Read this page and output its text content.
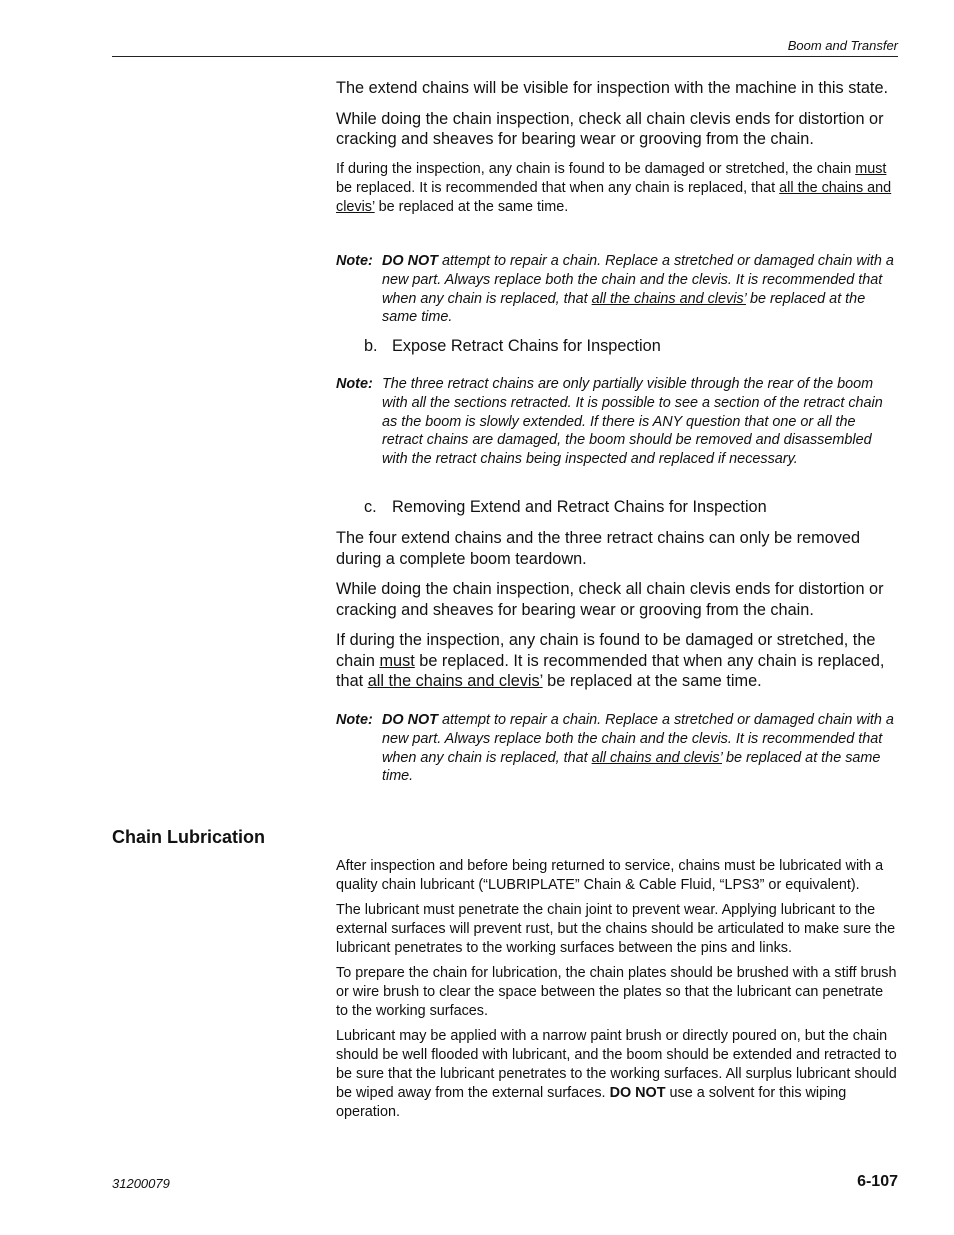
Boom and Transfer

The extend chains will be visible for inspection with the machine in this state.

While doing the chain inspection, check all chain clevis ends for distortion or cracking and sheaves for bearing wear or grooving from the chain.

If during the inspection, any chain is found to be damaged or stretched, the chain must be replaced. It is recommended that when any chain is replaced, that all the chains and clevis’ be replaced at the same time.

Note: DO NOT attempt to repair a chain. Replace a stretched or damaged chain with a new part. Always replace both the chain and the clevis. It is recommended that when any chain is replaced, that all the chains and clevis’ be replaced at the same time.
b. Expose Retract Chains for Inspection
Note: The three retract chains are only partially visible through the rear of the boom with all the sections retracted. It is possible to see a section of the retract chain as the boom is slowly extended. If there is ANY question that one or all the retract chains are damaged, the boom should be removed and disassembled with the retract chains being inspected and replaced if necessary.
c. Removing Extend and Retract Chains for Inspection

The four extend chains and the three retract chains can only be removed during a complete boom teardown.

While doing the chain inspection, check all chain clevis ends for distortion or cracking and sheaves for bearing wear or grooving from the chain.

If during the inspection, any chain is found to be damaged or stretched, the chain must be replaced. It is recommended that when any chain is replaced, that all the chains and clevis’ be replaced at the same time.

Note: DO NOT attempt to repair a chain. Replace a stretched or damaged chain with a new part. Always replace both the chain and the clevis. It is recommended that when any chain is replaced, that all chains and clevis’ be replaced at the same time.
Chain Lubrication

After inspection and before being returned to service, chains must be lubricated with a quality chain lubricant (“LUBRIPLATE” Chain & Cable Fluid, “LPS3” or equivalent).

The lubricant must penetrate the chain joint to prevent wear. Applying lubricant to the external surfaces will prevent rust, but the chains should be articulated to make sure the lubricant penetrates to the working surfaces between the pins and links.

To prepare the chain for lubrication, the chain plates should be brushed with a stiff brush or wire brush to clear the space between the plates so that the lubricant can penetrate to the working surfaces.

Lubricant may be applied with a narrow paint brush or directly poured on, but the chain should be well flooded with lubricant, and the boom should be extended and retracted to be sure that the lubricant penetrates to the working surfaces. All surplus lubricant should be wiped away from the external surfaces. DO NOT use a solvent for this wiping operation.

31200079	6-107
